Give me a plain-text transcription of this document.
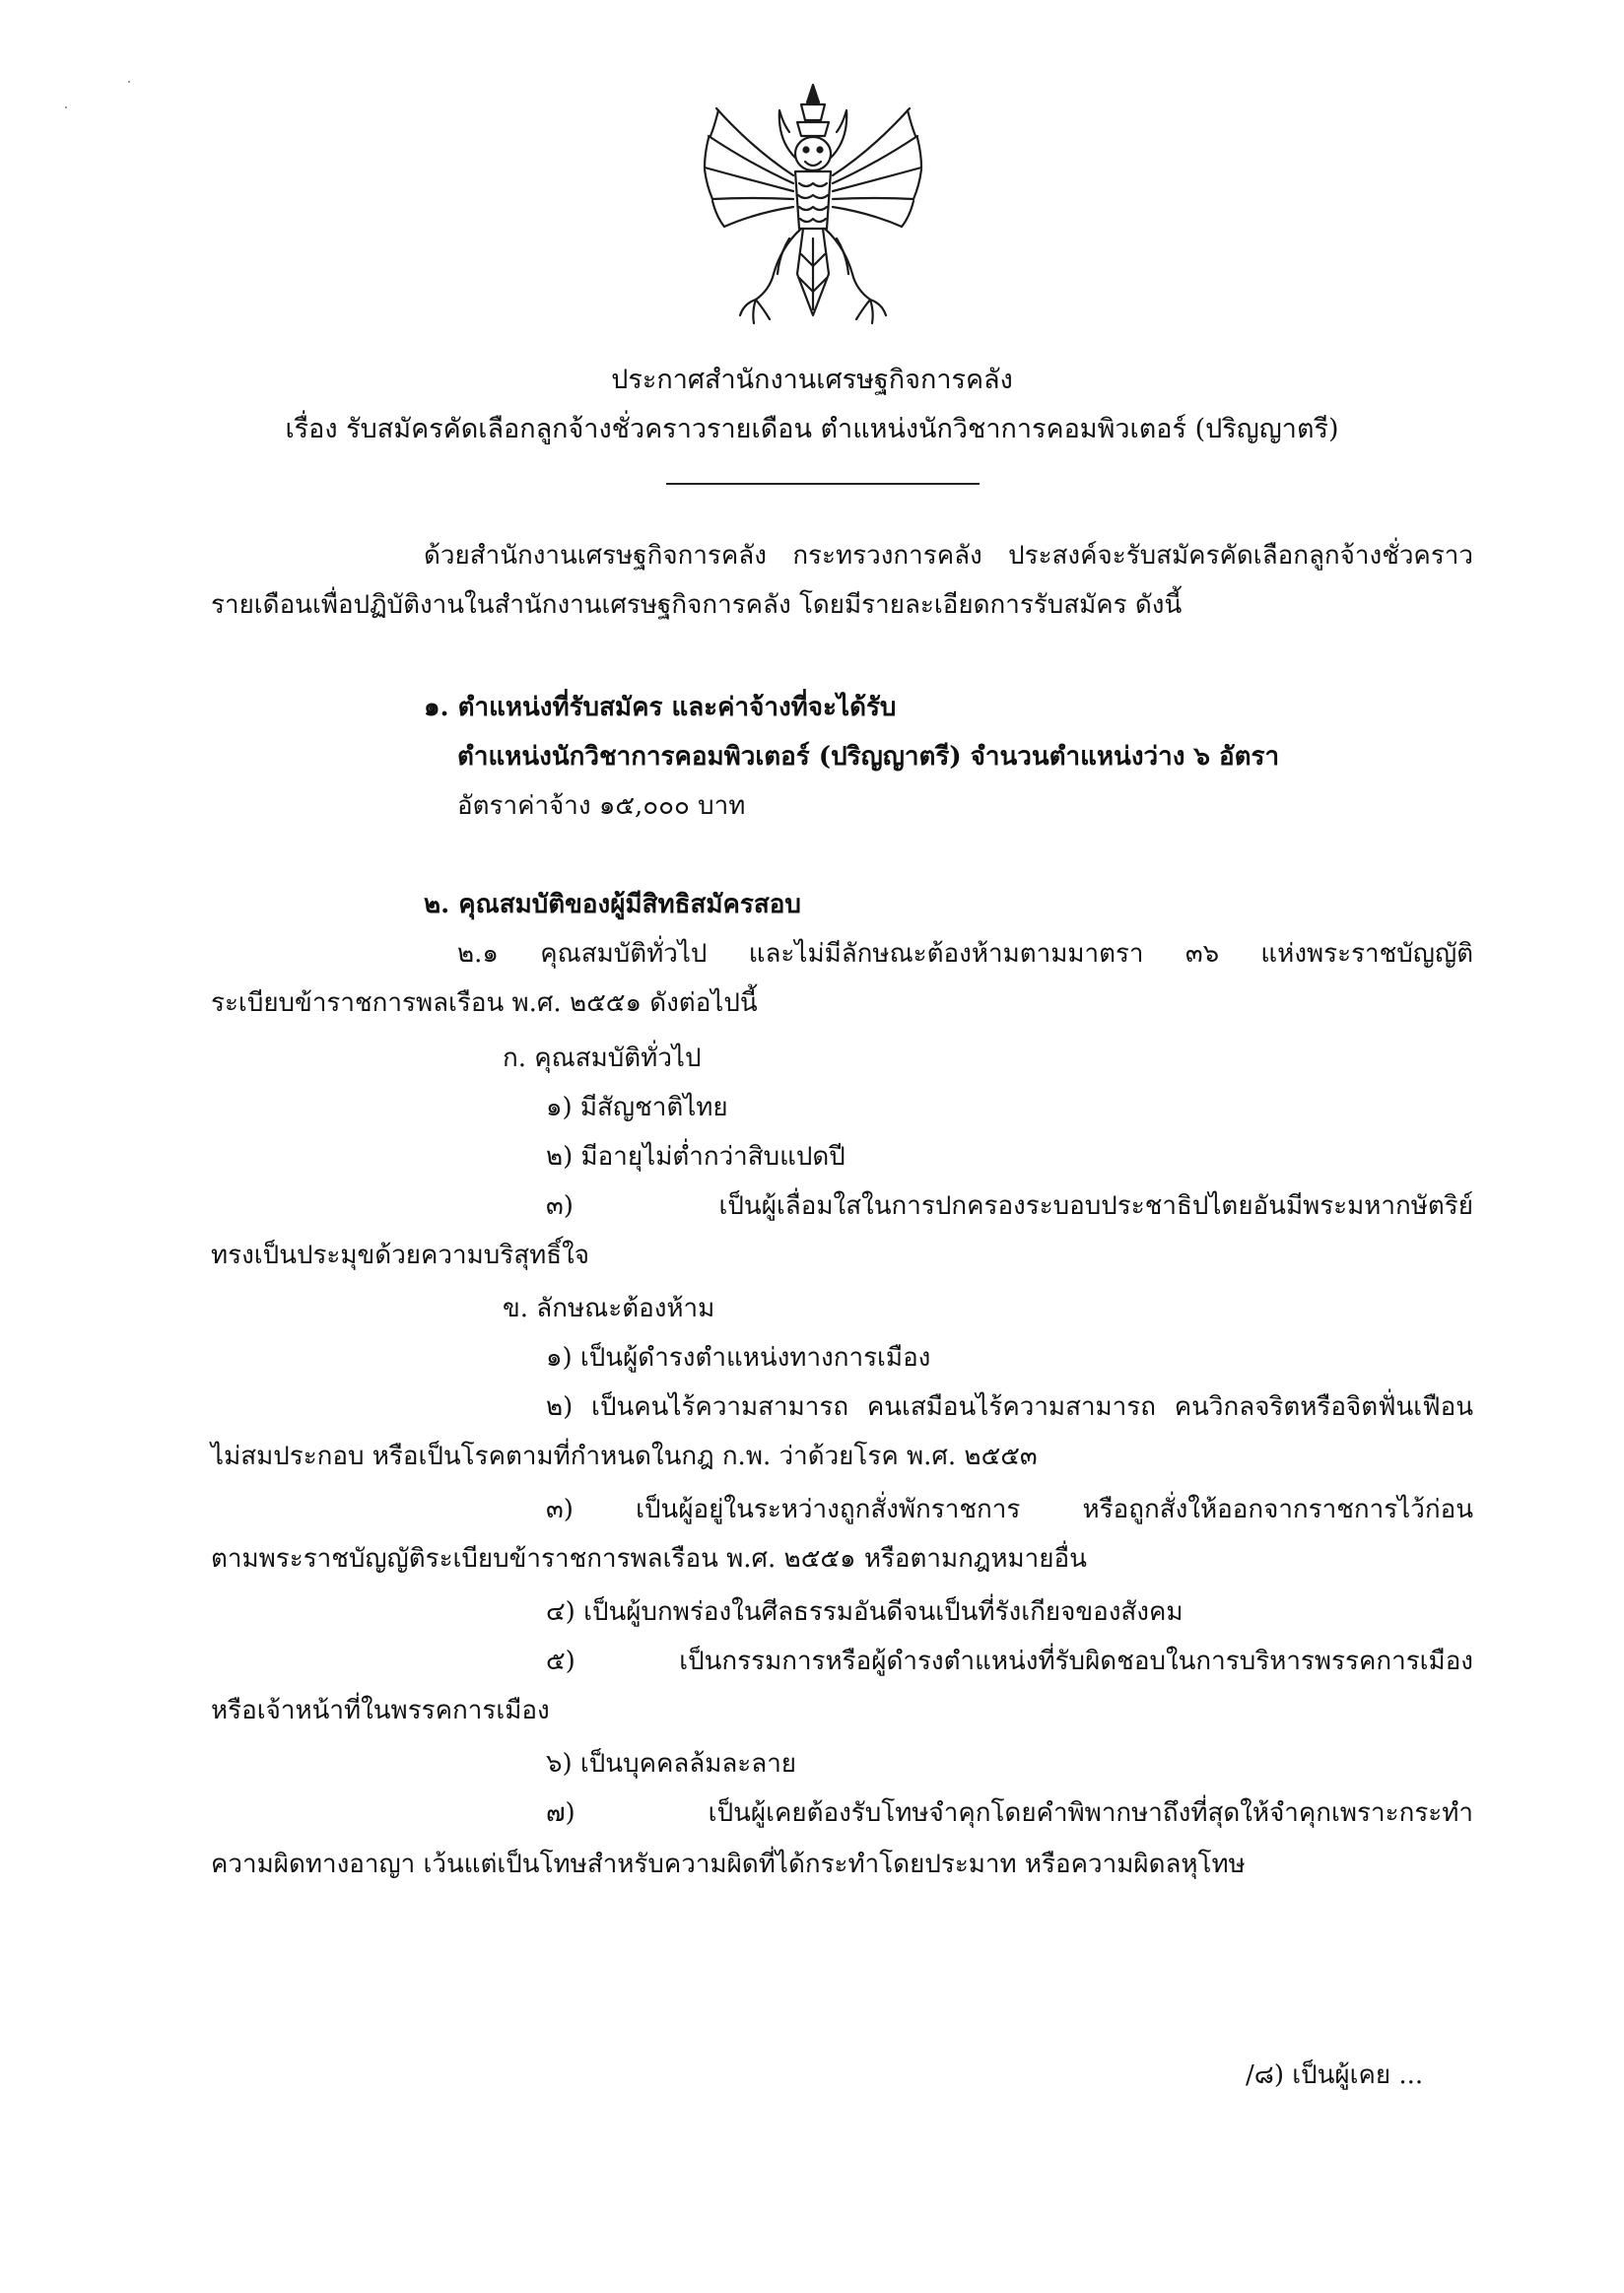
ประกาศสำนักงานเศรษฐกิจการคลัง
เรื่อง รับสมัครคัดเลือกลูกจ้างชั่วคราวรายเดือน ตำแหน่งนักวิชาการคอมพิวเตอร์ (ปริญญาตรี)
ด้วยสำนักงานเศรษฐกิจการคลัง กระทรวงการคลัง ประสงค์จะรับสมัครคัดเลือกลูกจ้างชั่วคราว
รายเดือนเพื่อปฏิบัติงานในสำนักงานเศรษฐกิจการคลัง โดยมีรายละเอียดการรับสมัคร ดังนี้
๑. ตำแหน่งที่รับสมัคร และค่าจ้างที่จะได้รับ
ตำแหน่งนักวิชาการคอมพิวเตอร์ (ปริญญาตรี) จำนวนตำแหน่งว่าง ๖ อัตรา
อัตราค่าจ้าง ๑๕,๐๐๐ บาท
๒. คุณสมบัติของผู้มีสิทธิสมัครสอบ
๒.๑ คุณสมบัติทั่วไป และไม่มีลักษณะต้องห้ามตามมาตรา ๓๖ แห่งพระราชบัญญัติ
ระเบียบข้าราชการพลเรือน พ.ศ. ๒๕๕๑ ดังต่อไปนี้
ก. คุณสมบัติทั่วไป
๑) มีสัญชาติไทย
๒) มีอายุไม่ต่ำกว่าสิบแปดปี
๓) เป็นผู้เลื่อมใสในการปกครองระบอบประชาธิปไตยอันมีพระมหากษัตริย์
ทรงเป็นประมุขด้วยความบริสุทธิ์ใจ
ข. ลักษณะต้องห้าม
๑) เป็นผู้ดำรงตำแหน่งทางการเมือง
๒) เป็นคนไร้ความสามารถ คนเสมือนไร้ความสามารถ คนวิกลจริตหรือจิตฟั่นเฟือน
ไม่สมประกอบ หรือเป็นโรคตามที่กำหนดในกฎ ก.พ. ว่าด้วยโรค พ.ศ. ๒๕๕๓
๓) เป็นผู้อยู่ในระหว่างถูกสั่งพักราชการ หรือถูกสั่งให้ออกจากราชการไว้ก่อน
ตามพระราชบัญญัติระเบียบข้าราชการพลเรือน พ.ศ. ๒๕๕๑ หรือตามกฎหมายอื่น
๔) เป็นผู้บกพร่องในศีลธรรมอันดีจนเป็นที่รังเกียจของสังคม
๕) เป็นกรรมการหรือผู้ดำรงตำแหน่งที่รับผิดชอบในการบริหารพรรคการเมือง
หรือเจ้าหน้าที่ในพรรคการเมือง
๖) เป็นบุคคลล้มละลาย
๗) เป็นผู้เคยต้องรับโทษจำคุกโดยคำพิพากษาถึงที่สุดให้จำคุกเพราะกระทำ
ความผิดทางอาญา เว้นแต่เป็นโทษสำหรับความผิดที่ได้กระทำโดยประมาท หรือความผิดลหุโทษ
/๘) เป็นผู้เคย ...
